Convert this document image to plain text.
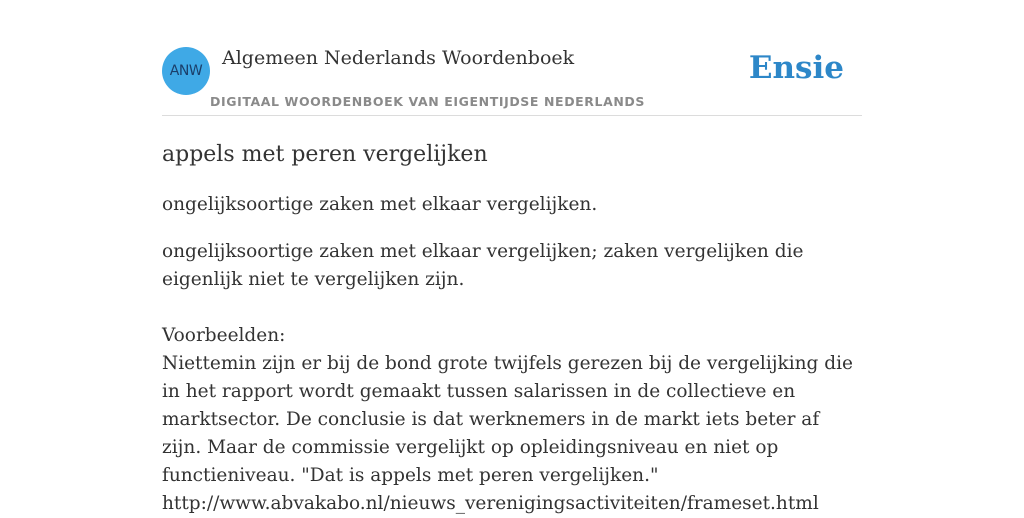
ANW
Algemeen Nederlands Woordenboek
DIGITAAL WOORDENBOEK VAN EIGENTIJDSE NEDERLANDS
Ensie
appels met peren vergelijken

ongelijksoortige zaken met elkaar vergelijken.

ongelijksoortige zaken met elkaar vergelijken; zaken vergelijken die eigenlijk niet te vergelijken zijn.

Voorbeelden:

Niettemin zijn er bij de bond grote twijfels gerezen bij de vergelijking die in het rapport wordt gemaakt tussen salarissen in de collectieve en marktsector. De conclusie is dat werknemers in de markt iets beter af zijn. Maar de commissie vergelijkt op opleidingsniveau en niet op functieniveau. "Dat is appels met peren vergelijken."

http://www.abvakabo.nl/nieuws_verenigingsactiviteiten/frameset.html
